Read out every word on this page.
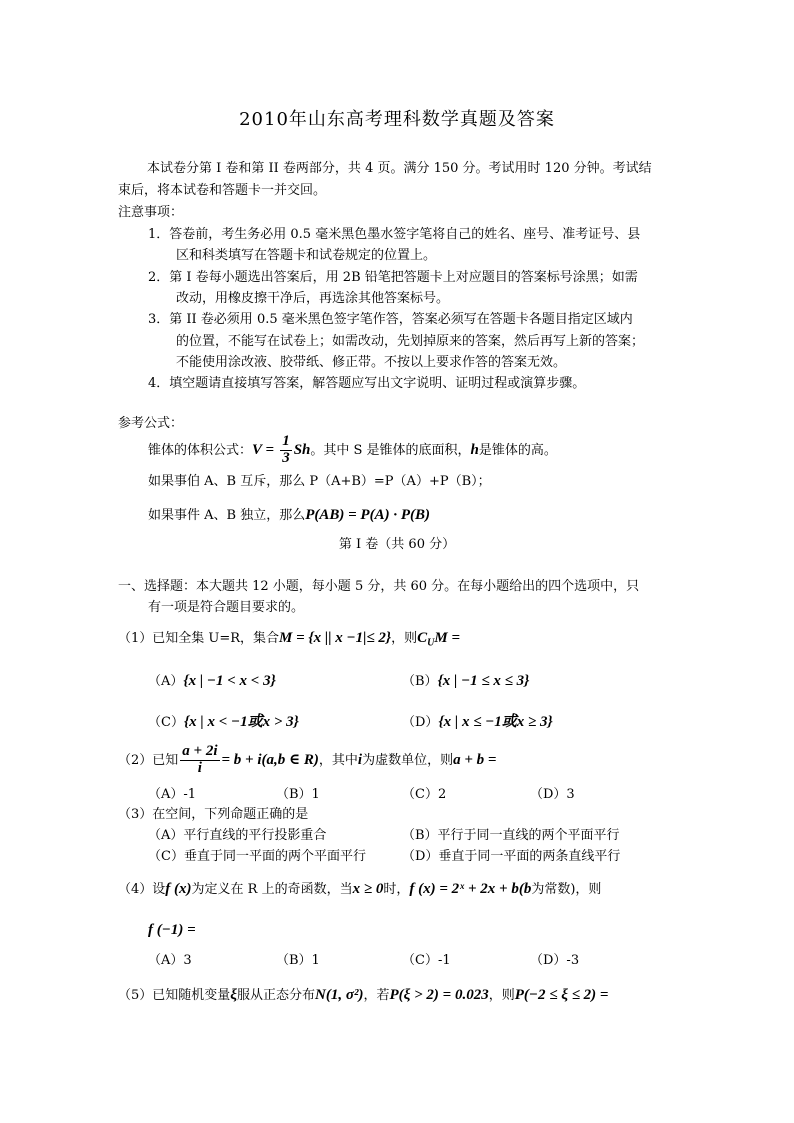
2010年山东高考理科数学真题及答案
本试卷分第 I 卷和第 II 卷两部分，共 4 页。满分 150 分。考试用时 120 分钟。考试结
束后，将本试卷和答题卡一并交回。
注意事项：
1．答卷前，考生务必用 0.5 毫米黑色墨水签字笔将自己的姓名、座号、准考证号、县
区和科类填写在答题卡和试卷规定的位置上。
2．第 I 卷每小题选出答案后，用 2B 铅笔把答题卡上对应题目的答案标号涂黑；如需
改动，用橡皮擦干净后，再选涂其他答案标号。
3．第 II 卷必须用 0.5 毫米黑色签字笔作答，答案必须写在答题卡各题目指定区域内
的位置，不能写在试卷上；如需改动，先划掉原来的答案，然后再写上新的答案；
不能使用涂改液、胶带纸、修正带。不按以上要求作答的答案无效。
4．填空题请直接填写答案，解答题应写出文字说明、证明过程或演算步骤。
参考公式：
锥体的体积公式：$V = \frac{1}{3}$ Sh。其中 S 是锥体的底面积，h是锥体的高。
如果事伯 A、B 互斥，那么 P（A+B）=P（A）+P（B）；
如果事件 A、B 独立，那么P(AB) = P(A) · P(B)
第 I 卷（共 60 分）
一、选择题：本大题共 12 小题，每小题 5 分，共 60 分。在每小题给出的四个选项中，只
有一项是符合题目要求的。
（1）已知全集 U=R，集合M = {x || x −1|≤ 2}，则$C_UM$ =
（A）{x | −1 < x < 3}	（B）{x | −1 ≤ x ≤ 3}
（C）{x | x < −1或x > 3}	（D）{x | x ≤ −1或x ≥ 3}
（2）已知 $\frac{a + 2i}{i} = b + i(a,b$ ∈ R)，其中i为虚数单位，则a + b =
（A）-1	（B）1	（C）2	（D）3
（3）在空间，下列命题正确的是
（A）平行直线的平行投影重合	（B）平行于同一直线的两个平面平行
（C）垂直于同一平面的两个平面平行	（D）垂直于同一平面的两条直线平行
（4）设f (x)为定义在 R 上的奇函数，当x ≥ 0时，f (x) = 2ˣ + 2x + b(b为常数)，则
f (−1) =
（A）3	（B）1	（C）-1	（D）-3
（5）已知随机变量ξ服从正态分布N(1, σ²)，若P(ξ > 2) = 0.023，则P(−2 ≤ ξ ≤ 2) =
